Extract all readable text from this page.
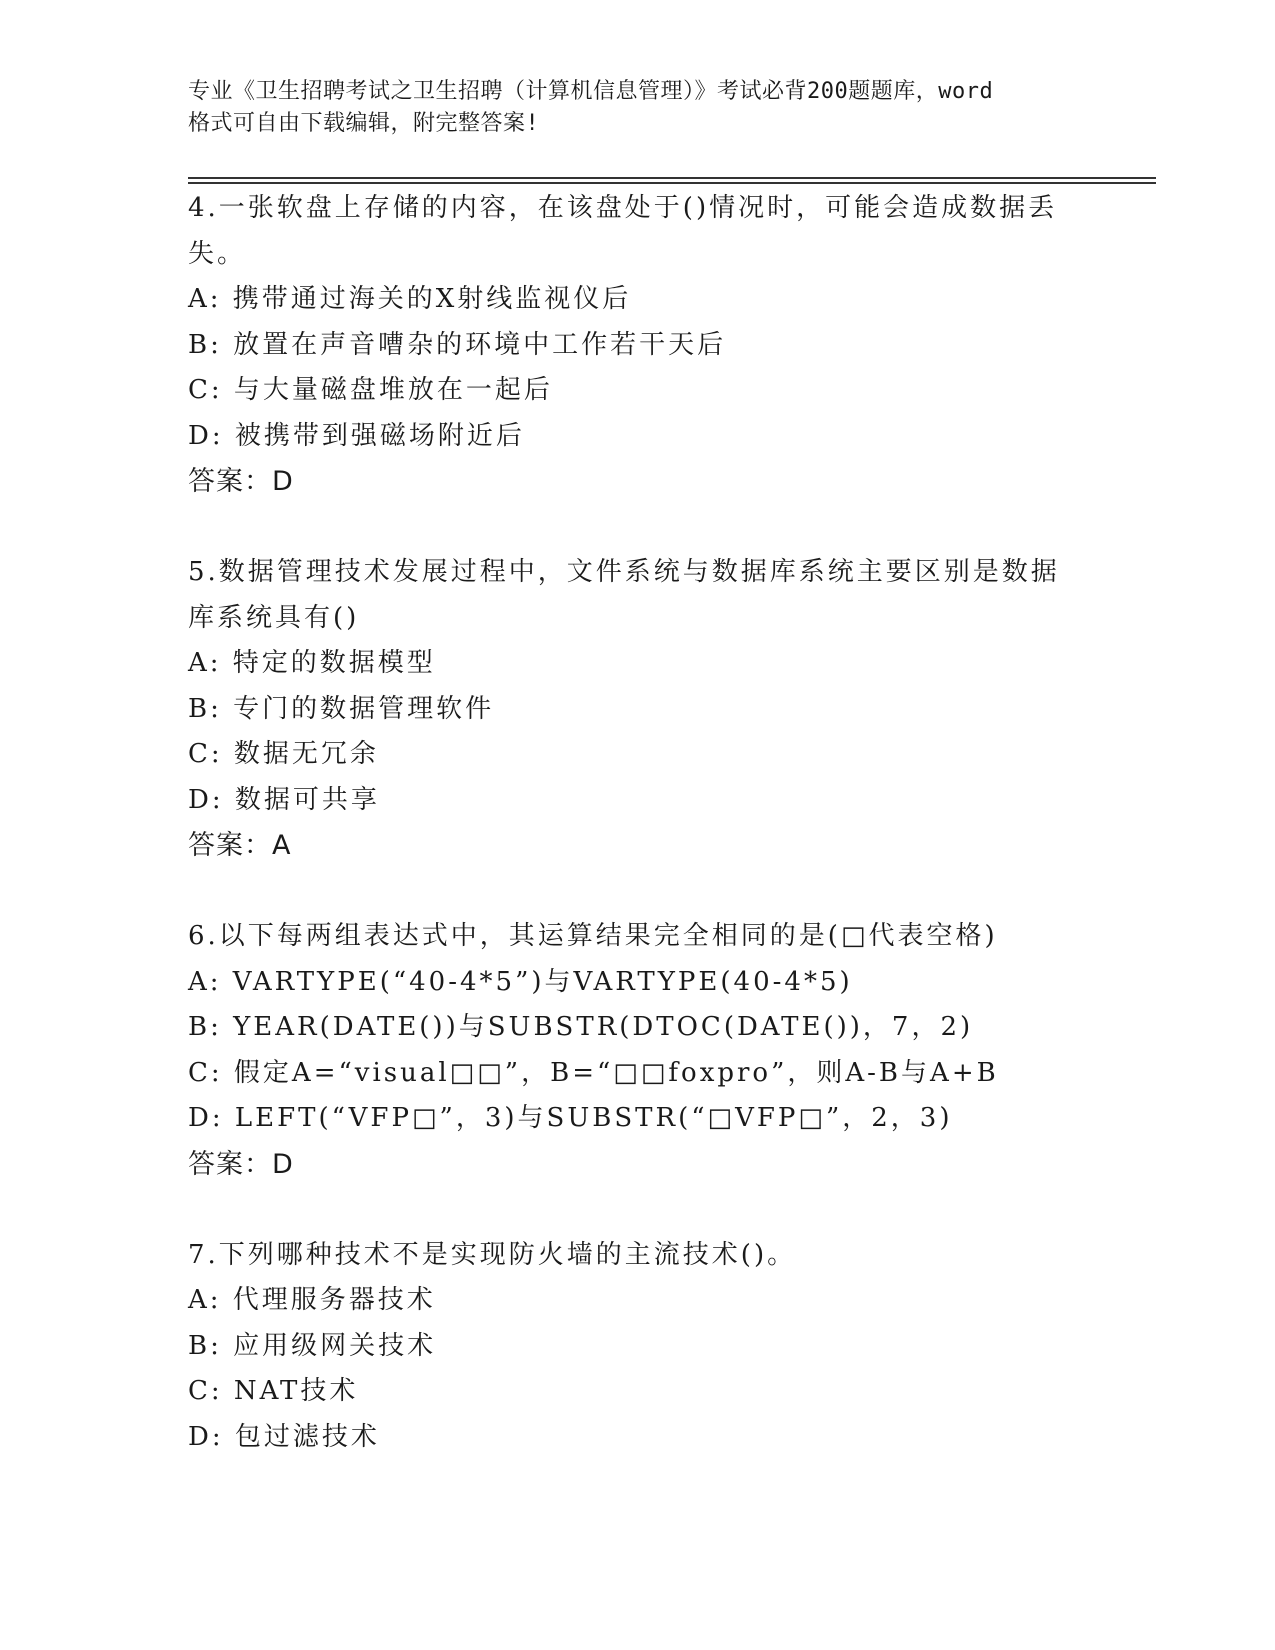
专业《卫生招聘考试之卫生招聘（计算机信息管理）》考试必背200题题库，word
格式可自由下载编辑，附完整答案!
4.一张软盘上存储的内容，在该盘处于()情况时，可能会造成数据丢
失。
A: 携带通过海关的X射线监视仪后
B: 放置在声音嘈杂的环境中工作若干天后
C: 与大量磁盘堆放在一起后
D: 被携带到强磁场附近后
答案：D
5.数据管理技术发展过程中，文件系统与数据库系统主要区别是数据
库系统具有()
A: 特定的数据模型
B: 专门的数据管理软件
C: 数据无冗余
D: 数据可共享
答案：A
6.以下每两组表达式中，其运算结果完全相同的是(□代表空格)
A: VARTYPE(“40-4*5”)与VARTYPE(40-4*5)
B: YEAR(DATE())与SUBSTR(DTOC(DATE())，7，2)
C: 假定A=“visual□□”，B=“□□foxpro”，则A-B与A+B
D: LEFT(“VFP□”，3)与SUBSTR(“□VFP□”，2，3)
答案：D
7.下列哪种技术不是实现防火墙的主流技术()。
A: 代理服务器技术
B: 应用级网关技术
C: NAT技术
D: 包过滤技术
